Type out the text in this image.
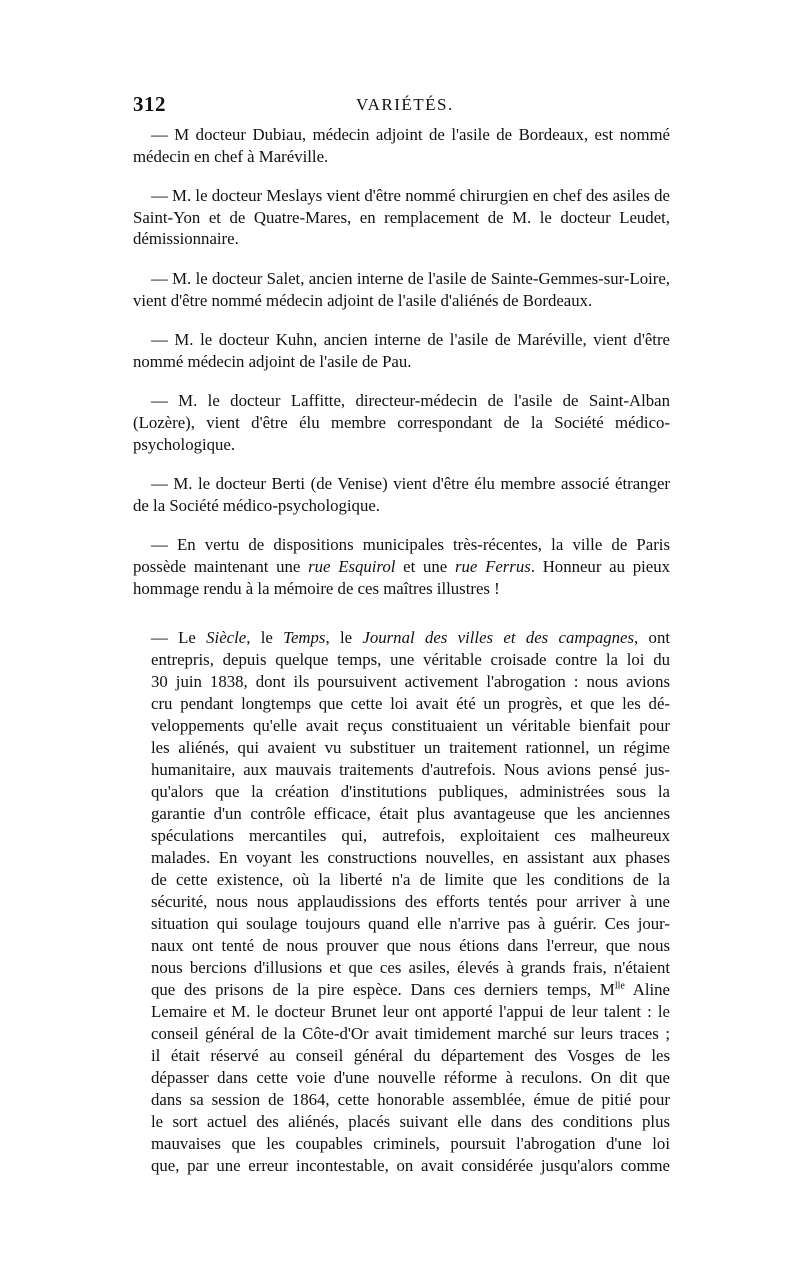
312	VARIÉTÉS.

— M docteur Dubiau, médecin adjoint de l'asile de Bordeaux, est nommé médecin en chef à Maréville.

— M. le docteur Meslays vient d'être nommé chirurgien en chef des asiles de Saint-Yon et de Quatre-Mares, en remplacement de M. le docteur Leudet, démissionnaire.

— M. le docteur Salet, ancien interne de l'asile de Sainte-Gemmes-sur-Loire, vient d'être nommé médecin adjoint de l'asile d'aliénés de Bordeaux.

— M. le docteur Kuhn, ancien interne de l'asile de Maréville, vient d'être nommé médecin adjoint de l'asile de Pau.

— M. le docteur Laffitte, directeur-médecin de l'asile de Saint-Alban (Lozère), vient d'être élu membre correspondant de la Société médico-psychologique.

— M. le docteur Berti (de Venise) vient d'être élu membre associé étranger de la Société médico-psychologique.

— En vertu de dispositions municipales très-récentes, la ville de Paris possède maintenant une rue Esquirol et une rue Ferrus. Honneur au pieux hommage rendu à la mémoire de ces maîtres illustres !

— Le Siècle, le Temps, le Journal des villes et des campagnes, ont
entrepris, depuis quelque temps, une véritable croisade contre la loi du
30 juin 1838, dont ils poursuivent activement l'abrogation : nous avions
cru pendant longtemps que cette loi avait été un progrès, et que les dé-
veloppements qu'elle avait reçus constituaient un véritable bienfait pour
les aliénés, qui avaient vu substituer un traitement rationnel, un régime
humanitaire, aux mauvais traitements d'autrefois. Nous avions pensé jus-
qu'alors que la création d'institutions publiques, administrées sous la
garantie d'un contrôle efficace, était plus avantageuse que les anciennes
spéculations mercantiles qui, autrefois, exploitaient ces malheureux
malades. En voyant les constructions nouvelles, en assistant aux phases
de cette existence, où la liberté n'a de limite que les conditions de la
sécurité, nous nous applaudissions des efforts tentés pour arriver à une
situation qui soulage toujours quand elle n'arrive pas à guérir. Ces jour-
naux ont tenté de nous prouver que nous étions dans l'erreur, que nous
nous bercions d'illusions et que ces asiles, élevés à grands frais, n'étaient
que des prisons de la pire espèce. Dans ces derniers temps, $M^{lle}$ Aline
Lemaire et M. le docteur Brunet leur ont apporté l'appui de leur talent : le
conseil général de la Côte-d'Or avait timidement marché sur leurs traces ;
il était réservé au conseil général du département des Vosges de les
dépasser dans cette voie d'une nouvelle réforme à reculons. On dit que
dans sa session de 1864, cette honorable assemblée, émue de pitié pour
le sort actuel des aliénés, placés suivant elle dans des conditions plus
mauvaises que les coupables criminels, poursuit l'abrogation d'une loi
que, par une erreur incontestable, on avait considérée jusqu'alors comme
